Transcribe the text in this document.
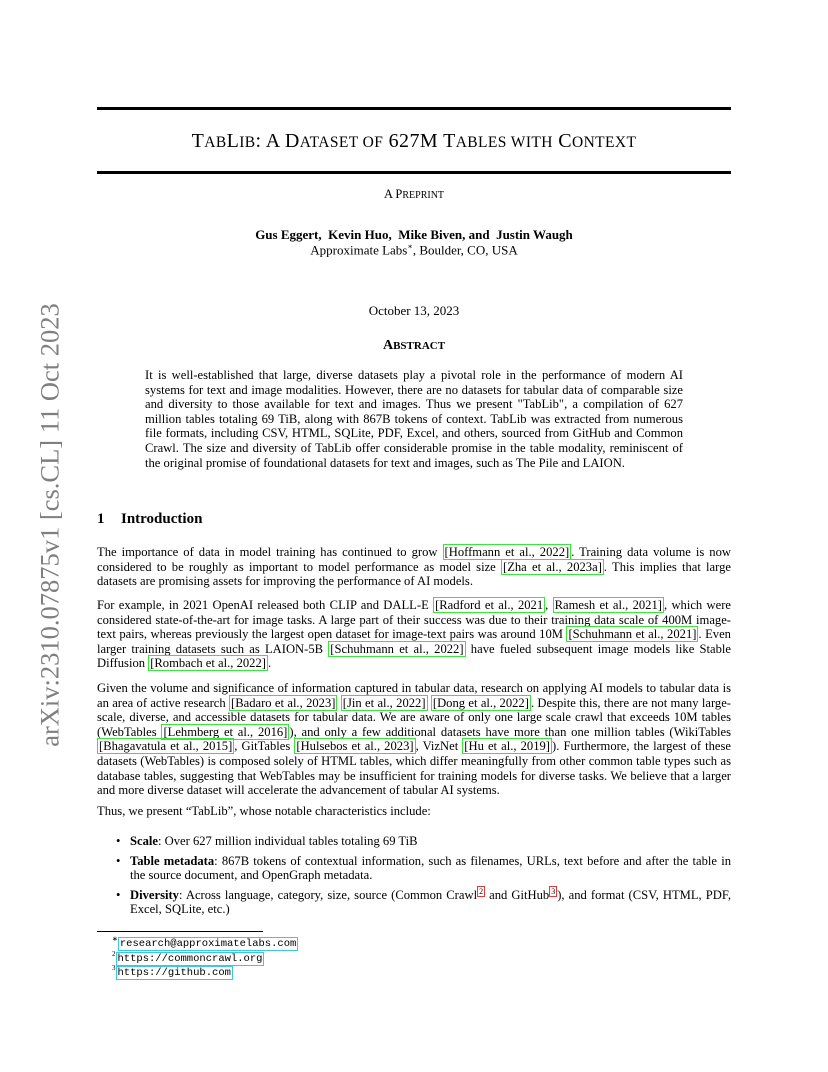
arXiv:2310.07875v1 [cs.CL] 11 Oct 2023
TABLIB: A DATASET OF 627M TABLES WITH CONTEXT
A PREPRINT
Gus Eggert,  Kevin Huo,  Mike Biven, and  Justin Waugh
Approximate Labs∗, Boulder, CO, USA
October 13, 2023
ABSTRACT
It is well-established that large, diverse datasets play a pivotal role in the performance of modern AI systems for text and image modalities. However, there are no datasets for tabular data of comparable size and diversity to those available for text and images. Thus we present "TabLib", a compilation of 627 million tables totaling 69 TiB, along with 867B tokens of context. TabLib was extracted from numerous file formats, including CSV, HTML, SQLite, PDF, Excel, and others, sourced from GitHub and Common Crawl. The size and diversity of TabLib offer considerable promise in the table modality, reminiscent of the original promise of foundational datasets for text and images, such as The Pile and LAION.
1 Introduction
The importance of data in model training has continued to grow [Hoffmann et al., 2022] . Training data volume is now considered to be roughly as important to model performance as model size [Zha et al., 2023a] . This implies that large datasets are promising assets for improving the performance of AI models.
For example, in 2021 OpenAI released both CLIP and DALL-E [Radford et al., 2021 , Ramesh et al., 2021] , which were considered state-of-the-art for image tasks. A large part of their success was due to their training data scale of 400M image-text pairs, whereas previously the largest open dataset for image-text pairs was around 10M [Schuhmann et al., 2021] . Even larger training datasets such as LAION-5B [Schuhmann et al., 2022] have fueled subsequent image models like Stable Diffusion [Rombach et al., 2022] .
Given the volume and significance of information captured in tabular data, research on applying AI models to tabular data is an area of active research [Badaro et al., 2023] [Jin et al., 2022] [Dong et al., 2022] . Despite this, there are not many large-scale, diverse, and accessible datasets for tabular data. We are aware of only one large scale crawl that exceeds 10M tables (WebTables [Lehmberg et al., 2016] ), and only a few additional datasets have more than one million tables (WikiTables [Bhagavatula et al., 2015] , GitTables [Hulsebos et al., 2023] , VizNet [Hu et al., 2019] ). Furthermore, the largest of these datasets (WebTables) is composed solely of HTML tables, which differ meaningfully from other common table types such as database tables, suggesting that WebTables may be insufficient for training models for diverse tasks. We believe that a larger and more diverse dataset will accelerate the advancement of tabular AI systems.
Thus, we present “TabLib”, whose notable characteristics include:
• Scale: Over 627 million individual tables totaling 69 TiB
• Table metadata: 867B tokens of contextual information, such as filenames, URLs, text before and after the table in the source document, and OpenGraph metadata.
• Diversity: Across language, category, size, source (Common Crawl $^2$ and GitHub $^3$ ), and format (CSV, HTML, PDF, Excel, SQLite, etc.)
∗ research@approximatelabs.com
$^2$ https://commoncrawl.org
$^3$ https://github.com
